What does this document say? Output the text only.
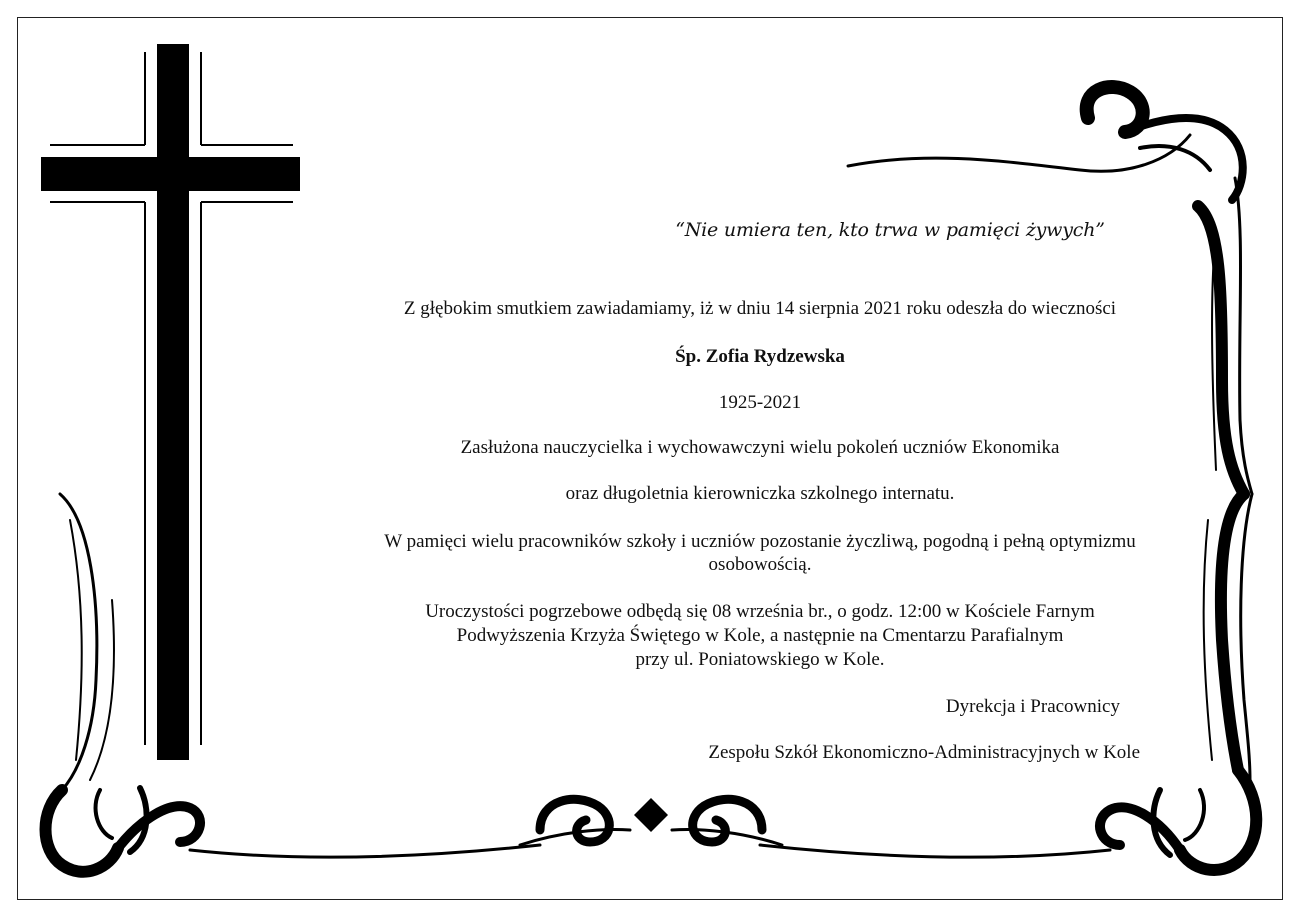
“Nie umiera ten, kto trwa w pamięci żywych”
Z głębokim smutkiem zawiadamiamy, iż w dniu 14 sierpnia 2021 roku odeszła do wieczności
Śp. Zofia Rydzewska
1925-2021
Zasłużona nauczycielka i wychowawczyni wielu pokoleń uczniów Ekonomika
oraz długoletnia kierowniczka szkolnego internatu.
W pamięci wielu pracowników szkoły i uczniów pozostanie życzliwą, pogodną i pełną optymizmu
osobowością.
Uroczystości pogrzebowe odbędą się 08 września br., o godz. 12:00 w Kościele Farnym
Podwyższenia Krzyża Świętego w Kole, a następnie na Cmentarzu Parafialnym
przy ul. Poniatowskiego w Kole.
Dyrekcja i Pracownicy
Zespołu Szkół Ekonomiczno-Administracyjnych w Kole
